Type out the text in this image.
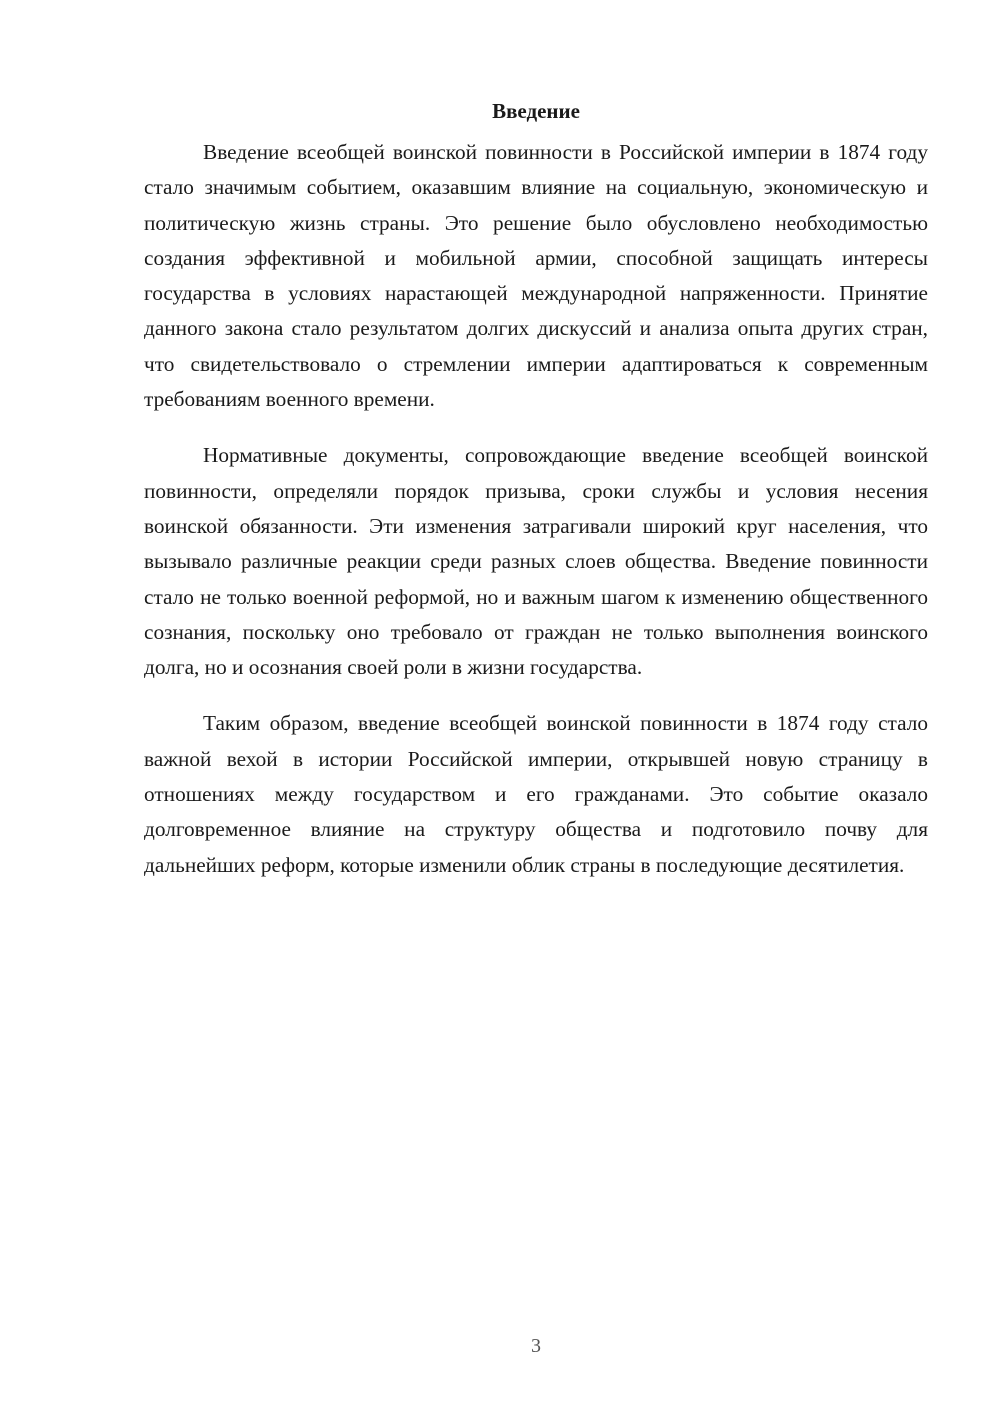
Введение

Введение всеобщей воинской повинности в Российской империи в 1874 году стало значимым событием, оказавшим влияние на социальную, экономическую и политическую жизнь страны. Это решение было обусловлено необходимостью создания эффективной и мобильной армии, способной защищать интересы государства в условиях нарастающей международной напряженности. Принятие данного закона стало результатом долгих дискуссий и анализа опыта других стран, что свидетельствовало о стремлении империи адаптироваться к современным требованиям военного времени.

Нормативные документы, сопровождающие введение всеобщей воинской повинности, определяли порядок призыва, сроки службы и условия несения воинской обязанности. Эти изменения затрагивали широкий круг населения, что вызывало различные реакции среди разных слоев общества. Введение повинности стало не только военной реформой, но и важным шагом к изменению общественного сознания, поскольку оно требовало от граждан не только выполнения воинского долга, но и осознания своей роли в жизни государства.

Таким образом, введение всеобщей воинской повинности в 1874 году стало важной вехой в истории Российской империи, открывшей новую страницу в отношениях между государством и его гражданами. Это событие оказало долговременное влияние на структуру общества и подготовило почву для дальнейших реформ, которые изменили облик страны в последующие десятилетия.

3
